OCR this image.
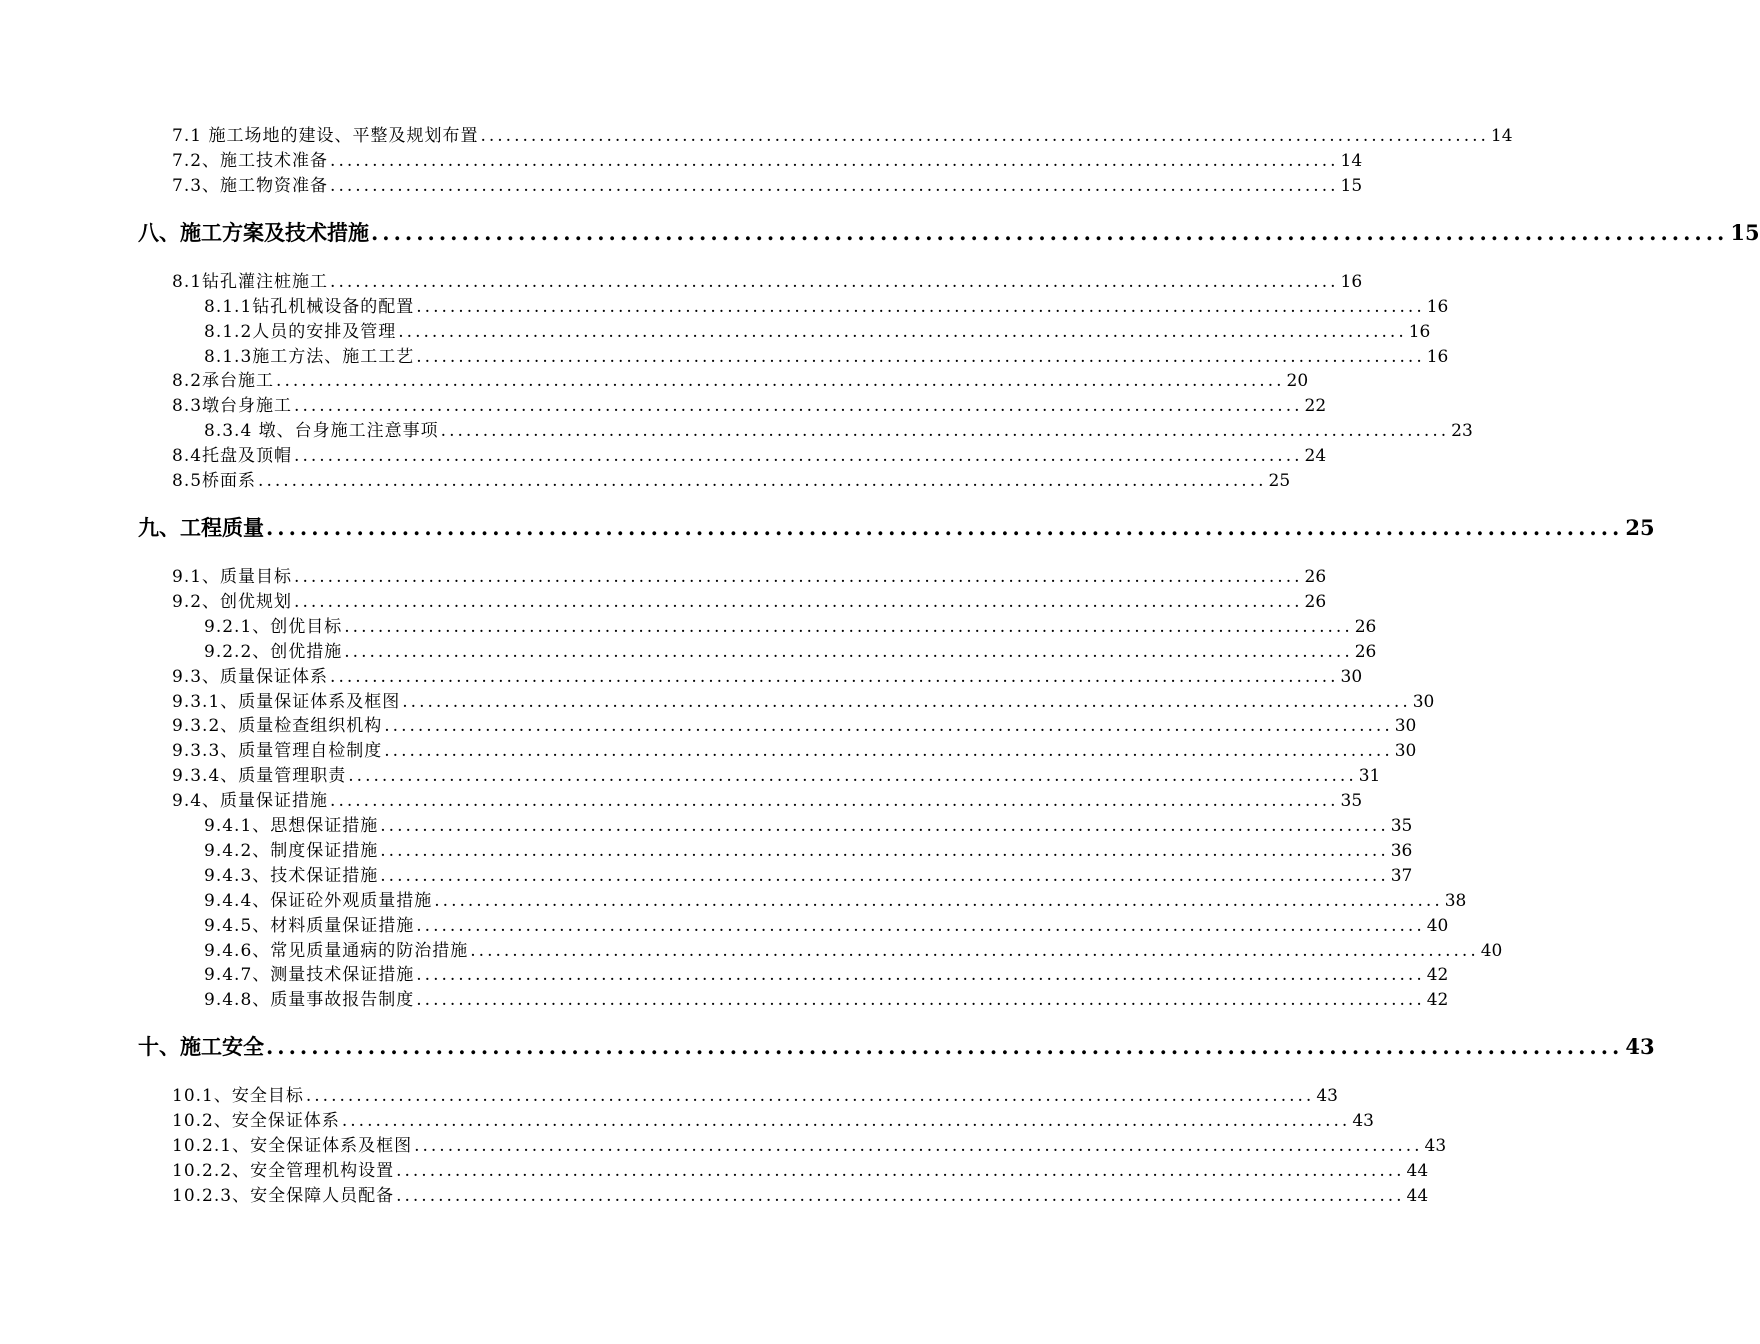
7.1 施工场地的建设、平整及规划布置 ........................................................................................................................ 14
7.2、施工技术准备 ........................................................................................................................ 14
7.3、施工物资准备 ........................................................................................................................ 15
八、施工方案及技术措施 ........................................................................................................................ 15
8.1钻孔灌注桩施工 ........................................................................................................................ 16
8.1.1钻孔机械设备的配置 ........................................................................................................................ 16
8.1.2人员的安排及管理 ........................................................................................................................ 16
8.1.3施工方法、施工工艺 ........................................................................................................................ 16
8.2承台施工 ........................................................................................................................ 20
8.3墩台身施工 ........................................................................................................................ 22
8.3.4 墩、台身施工注意事项 ........................................................................................................................ 23
8.4托盘及顶帽 ........................................................................................................................ 24
8.5桥面系 ........................................................................................................................ 25
九、工程质量 ........................................................................................................................ 25
9.1、质量目标 ........................................................................................................................ 26
9.2、创优规划 ........................................................................................................................ 26
9.2.1、创优目标 ........................................................................................................................ 26
9.2.2、创优措施 ........................................................................................................................ 26
9.3、质量保证体系 ........................................................................................................................ 30
9.3.1、质量保证体系及框图 ........................................................................................................................ 30
9.3.2、质量检查组织机构 ........................................................................................................................ 30
9.3.3、质量管理自检制度 ........................................................................................................................ 30
9.3.4、质量管理职责 ........................................................................................................................ 31
9.4、质量保证措施 ........................................................................................................................ 35
9.4.1、思想保证措施 ........................................................................................................................ 35
9.4.2、制度保证措施 ........................................................................................................................ 36
9.4.3、技术保证措施 ........................................................................................................................ 37
9.4.4、保证砼外观质量措施 ........................................................................................................................ 38
9.4.5、材料质量保证措施 ........................................................................................................................ 40
9.4.6、常见质量通病的防治措施 ........................................................................................................................ 40
9.4.7、测量技术保证措施 ........................................................................................................................ 42
9.4.8、质量事故报告制度 ........................................................................................................................ 42
十、施工安全 ........................................................................................................................ 43
10.1、安全目标 ........................................................................................................................ 43
10.2、安全保证体系 ........................................................................................................................ 43
10.2.1、安全保证体系及框图 ........................................................................................................................ 43
10.2.2、安全管理机构设置 ........................................................................................................................ 44
10.2.3、安全保障人员配备 ........................................................................................................................ 44
